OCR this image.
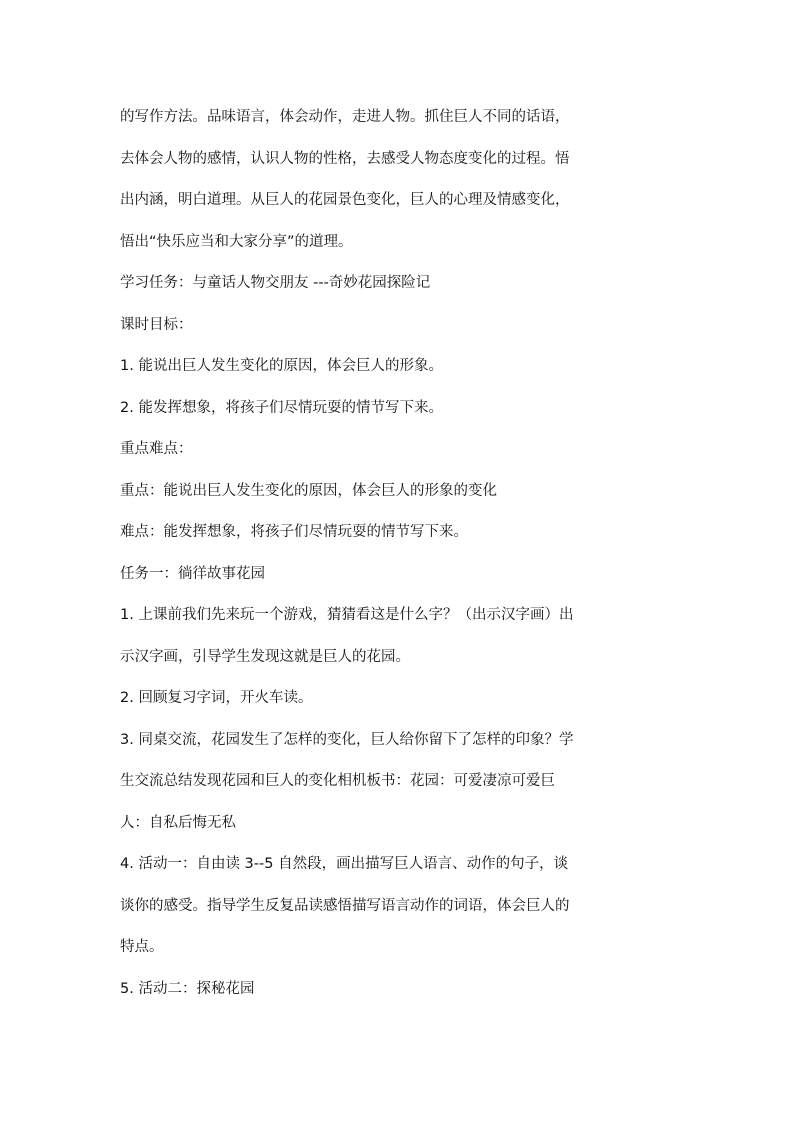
的写作方法。品味语言，体会动作，走进人物。抓住巨人不同的话语，
去体会人物的感情，认识人物的性格，去感受人物态度变化的过程。悟
出内涵，明白道理。从巨人的花园景色变化，巨人的心理及情感变化，
悟出“快乐应当和大家分享”的道理。
学习任务：与童话人物交朋友 ---奇妙花园探险记
课时目标：
1. 能说出巨人发生变化的原因，体会巨人的形象。
2. 能发挥想象，将孩子们尽情玩耍的情节写下来。
重点难点：
重点：能说出巨人发生变化的原因，体会巨人的形象的变化
难点：能发挥想象，将孩子们尽情玩耍的情节写下来。
任务一：徜徉故事花园
1. 上课前我们先来玩一个游戏，猜猜看这是什么字？（出示汉字画）出
示汉字画，引导学生发现这就是巨人的花园。
2. 回顾复习字词，开火车读。
3. 同桌交流，花园发生了怎样的变化，巨人给你留下了怎样的印象？学
生交流总结发现花园和巨人的变化相机板书：花园：可爱凄凉可爱巨
人：自私后悔无私
4. 活动一：自由读 3--5 自然段，画出描写巨人语言、动作的句子，谈
谈你的感受。指导学生反复品读感悟描写语言动作的词语，体会巨人的
特点。
5. 活动二：探秘花园
